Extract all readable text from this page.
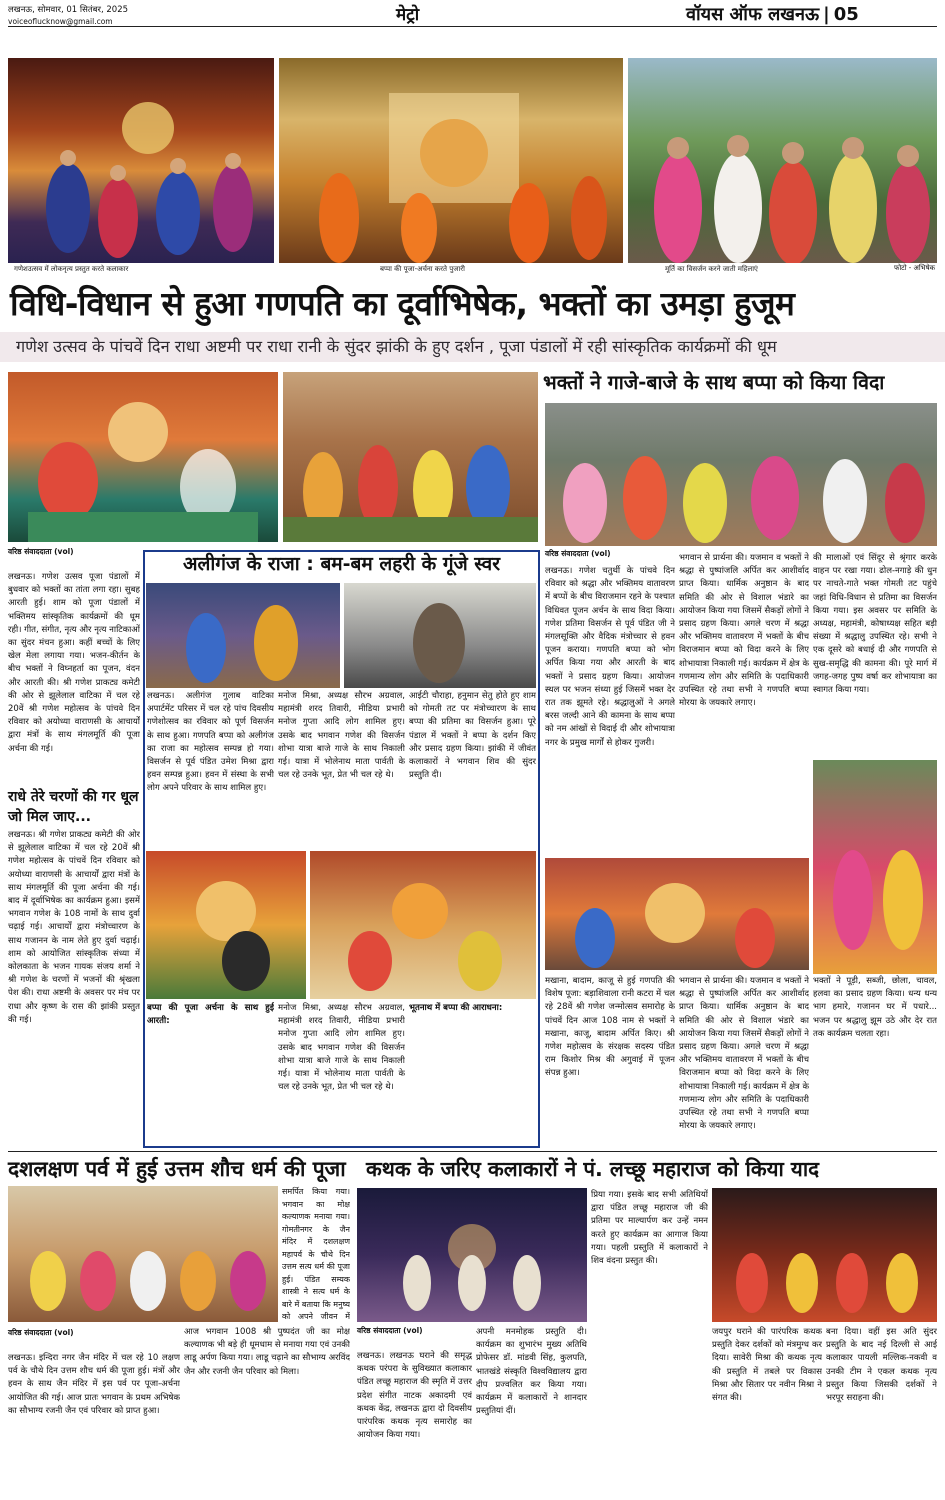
लखनऊ, सोमवार, 01 सितंबर, 2025
voiceoflucknow@gmail.com	मेट्रो	वॉयस ऑफ लखनऊ | 05
गणेशउत्सव में लोकनृत्य प्रस्तुत करते कलाकार	बप्पा की पूजा-अर्चना करते पुजारी	मूर्ति का विसर्जन करने जाती महिलाएं	फोटो - अभिषेक
विधि-विधान से हुआ गणपति का दूर्वाभिषेक, भक्तों का उमड़ा हुजूम
गणेश उत्सव के पांचवें दिन राधा अष्टमी पर राधा रानी के सुंदर झांकी के हुए दर्शन , पूजा पंडालों में रही सांस्कृतिक कार्यक्रमों की धूम
भक्तों ने गाजे-बाजे के साथ बप्पा को किया विदा
वरिष्ठ संवाददाता (vol)
लखनऊ। गणेश उत्सव पूजा पंडालों में बुधवार को भक्तों का तांता लगा रहा। सुबह आरती हुई। शाम को पूजा पंडालों में भक्तिमय सांस्कृतिक कार्यक्रमों की धूम रही। गीत, संगीत, नृत्य और नृत्य नाटिकाओं का सुंदर मंचन हुआ। कहीं बच्चों के लिए खेल मेला लगाया गया। भजन-कीर्तन के बीच भक्तों ने विघ्नहर्ता का पूजन, वंदन और आरती की। श्री गणेश प्राकट्य कमेटी की ओर से झूलेलाल वाटिका में चल रहे 20वें श्री गणेश महोत्सव के पांचवे दिन रविवार को अयोध्या वाराणसी के आचार्यों द्वारा मंत्रों के साथ मंगलमूर्ति की पूजा अर्चना की गई।
राधे तेरे चरणों की गर धूल जो मिल जाए...
लखनऊ। श्री गणेश प्राकट्य कमेटी की ओर से झूलेलाल वाटिका में चल रहे 20वें श्री गणेश महोत्सव के पांचवें दिन रविवार को अयोध्या वाराणसी के आचार्यों द्वारा मंत्रों के साथ मंगलमूर्ति की पूजा अर्चना की गई। बाद में दूर्वाभिषेक का कार्यक्रम हुआ। इसमें भगवान गणेश के 108 नामों के साथ दुर्वा चढ़ाई गई। आचार्यों द्वारा मंत्रोच्चारण के साथ गजानन के नाम लेते हुए दुर्वा चढ़ाई। शाम को आयोजित सांस्कृतिक संध्या में कोलकाता के भजन गायक संजय शर्मा ने श्री गणेश के चरणों में भजनों की श्रृंखला पेश की। राधा अष्टमी के अवसर पर मंच पर राधा और कृष्ण के रास की झांकी प्रस्तुत की गई।
अलीगंज के राजा : बम-बम लहरी के गूंजे स्वर
लखनऊ। अलीगंज गुलाब वाटिका अपार्टमेंट परिसर में चल रहे पांच दिवसीय गणेशोत्सव का रविवार को पूर्ण विसर्जन के साथ हुआ। गणपति बप्पा को अलीगंज का राजा का महोत्सव सम्पन्न हो गया। विसर्जन से पूर्व पंडित उमेश मिश्रा द्वारा हवन सम्पन्न हुआ। हवन में संस्था के सभी लोग अपने परिवार के साथ शामिल हुए।
मनोज मिश्रा, अध्यक्ष सौरभ अग्रवाल, महामंत्री शरद तिवारी, मीडिया प्रभारी मनोज गुप्ता आदि लोग शामिल हुए। उसके बाद भगवान गणेश की विसर्जन शोभा यात्रा बाजे गाजे के साथ निकाली गई। यात्रा में भोलेनाथ माता पार्वती के चल रहे उनके भूत, प्रेत भी चल रहे थे।
आईटी चौराहा, हनुमान सेतु होते हुए शाम को गोमती तट पर मंत्रोच्चारण के साथ बप्पा की प्रतिमा का विसर्जन हुआ। पूरे पंडाल में भक्तों ने बप्पा के दर्शन किए और प्रसाद ग्रहण किया। झांकी में जीवंत कलाकारों ने भगवान शिव की सुंदर प्रस्तुति दी।
बप्पा की पूजा अर्चना के साथ हुई आरती:
मनोज मिश्रा, अध्यक्ष सौरभ अग्रवाल, महामंत्री शरद तिवारी, मीडिया प्रभारी मनोज गुप्ता आदि लोग शामिल हुए। उसके बाद भगवान गणेश की विसर्जन शोभा यात्रा बाजे गाजे के साथ निकाली गई। यात्रा में भोलेनाथ माता पार्वती के चल रहे उनके भूत, प्रेत भी चल रहे थे।
भूतनाथ में बप्पा की आराधना:
वरिष्ठ संवाददाता (vol)
लखनऊ। गणेश चतुर्थी के पांचवे दिन रविवार को श्रद्धा और भक्तिमय वातावरण में बप्पों के बीच विराजमान रहने के पश्चात विधिवत पूजन अर्चन के साथ विदा किया। गणेश प्रतिमा विसर्जन से पूर्व पंडित जी ने मंगलसूक्ति और वैदिक मंत्रोच्चार से हवन पूजन कराया। गणपति बप्पा को भोग अर्पित किया गया और आरती के बाद भक्तों ने प्रसाद ग्रहण किया। आयोजन स्थल पर भजन संध्या हुई जिसमें भक्त देर रात तक झूमते रहे। श्रद्धालुओं ने अगले बरस जल्दी आने की कामना के साथ बप्पा को नम आंखों से विदाई दी और शोभायात्रा नगर के प्रमुख मार्गों से होकर गुजरी।
भगवान से प्रार्थना की। यजमान व भक्तों ने श्रद्धा से पुष्पांजलि अर्पित कर आशीर्वाद प्राप्त किया। धार्मिक अनुष्ठान के बाद समिति की ओर से विशाल भंडारे का आयोजन किया गया जिसमें सैकड़ों लोगों ने प्रसाद ग्रहण किया। अगले चरण में श्रद्धा और भक्तिमय वातावरण में भक्तों के बीच विराजमान बप्पा को विदा करने के लिए शोभायात्रा निकाली गई। कार्यक्रम में क्षेत्र के गणमान्य लोग और समिति के पदाधिकारी उपस्थित रहे तथा सभी ने गणपति बप्पा मोरया के जयकारे लगाए।
की मालाओं एवं सिंदूर से श्रृंगार करके वाहन पर रखा गया। ढोल-नगाड़े की धुन पर नाचते-गाते भक्त गोमती तट पहुंचे जहां विधि-विधान से प्रतिमा का विसर्जन किया गया। इस अवसर पर समिति के अध्यक्ष, महामंत्री, कोषाध्यक्ष सहित बड़ी संख्या में श्रद्धालु उपस्थित रहे। सभी ने एक दूसरे को बधाई दी और गणपति से सुख-समृद्धि की कामना की। पूरे मार्ग में जगह-जगह पुष्प वर्षा कर शोभायात्रा का स्वागत किया गया।
मखाना, बादाम, काजू से हुई गणपति की विशेष पूजा: बड़ाशिवाला रानी कटरा में चल रहे 28वें श्री गणेश जन्मोत्सव समारोह के पांचवें दिन आज 108 नाम से भक्तों ने मखाना, काजू, बादाम अर्पित किए। श्री गणेश महोत्सव के संरक्षक सदस्य पंडित राम किशोर मिश्र की अगुवाई में पूजन संपन्न हुआ।
भगवान से प्रार्थना की। यजमान व भक्तों ने श्रद्धा से पुष्पांजलि अर्पित कर आशीर्वाद प्राप्त किया। धार्मिक अनुष्ठान के बाद समिति की ओर से विशाल भंडारे का आयोजन किया गया जिसमें सैकड़ों लोगों ने प्रसाद ग्रहण किया। अगले चरण में श्रद्धा और भक्तिमय वातावरण में भक्तों के बीच विराजमान बप्पा को विदा करने के लिए शोभायात्रा निकाली गई। कार्यक्रम में क्षेत्र के गणमान्य लोग और समिति के पदाधिकारी उपस्थित रहे तथा सभी ने गणपति बप्पा मोरया के जयकारे लगाए।
भक्तों ने पूड़ी, सब्जी, छोला, चावल, हलवा का प्रसाद ग्रहण किया। धन्य धन्य भाग हमारे, गजानन घर में पधारे... भजन पर श्रद्धालु झूम उठे और देर रात तक कार्यक्रम चलता रहा।
दशलक्षण पर्व में हुई उत्तम शौच धर्म की पूजा
समर्पित किया गया। भगवान का मोक्ष कल्याणक मनाया गया। गोमतीनगर के जैन मंदिर में दशलक्षण महापर्व के चौथे दिन उत्तम सत्य धर्म की पूजा हुई। पंडित सम्यक शास्त्री ने सत्य धर्म के बारे में बताया कि मनुष्य को अपने जीवन में
वरिष्ठ संवाददाता (vol)
लखनऊ। इन्दिरा नगर जैन मंदिर में चल रहे 10 लक्षण पर्व के चौथे दिन उत्तम शौच धर्म की पूजा हुई। मंत्रों और हवन के साथ जैन मंदिर में इस पर्व पर पूजा-अर्चना आयोजित की गई। आज प्रातः भगवान के प्रथम अभिषेक का सौभाग्य रजनी जैन एवं परिवार को प्राप्त हुआ।
आज भगवान 1008 श्री पुष्पदंत जी का मोक्ष कल्याणक भी बड़े ही धूमधाम से मनाया गया एवं उनकी लाडू अर्पण किया गया। लाडू चढ़ाने का सौभाग्य अरविंद जैन और रजनी जैन परिवार को मिला।
कथक के जरिए कलाकारों ने पं. लच्छू महाराज को किया याद
प्रिया गया। इसके बाद सभी अतिथियों द्वारा पंडित लच्छू महाराज जी की प्रतिमा पर माल्यार्पण कर उन्हें नमन करते हुए कार्यक्रम का आगाज किया गया। पहली प्रस्तुति में कलाकारों ने शिव वंदना प्रस्तुत की।
वरिष्ठ संवाददाता (vol)
लखनऊ। लखनऊ घराने की समृद्ध कथक परंपरा के सुविख्यात कलाकार पंडित लच्छू महाराज की स्मृति में उत्तर प्रदेश संगीत नाटक अकादमी एवं कथक केंद्र, लखनऊ द्वारा दो दिवसीय पारंपरिक कथक नृत्य समारोह का आयोजन किया गया।
अपनी मनमोहक प्रस्तुति दी। कार्यक्रम का शुभारंभ मुख्य अतिथि प्रोफेसर डॉ. मांडवी सिंह, कुलपति, भातखंडे संस्कृति विश्वविद्यालय द्वारा दीप प्रज्वलित कर किया गया। कार्यक्रम में कलाकारों ने शानदार प्रस्तुतियां दीं।
जयपुर घराने की पारंपरिक कथक प्रस्तुति देकर दर्शकों को मंत्रमुग्ध कर दिया। सावेरी मिश्रा की कथक नृत्य की प्रस्तुति में तबले पर विकास मिश्रा और सितार पर नवीन मिश्रा ने संगत की।
बना दिया। वहीं इस अति सुंदर प्रस्तुति के बाद नई दिल्ली से आई कलाकार पायली मल्लिक-नकवी व उनकी टीम ने एकल कथक नृत्य प्रस्तुत किया जिसकी दर्शकों ने भरपूर सराहना की।
